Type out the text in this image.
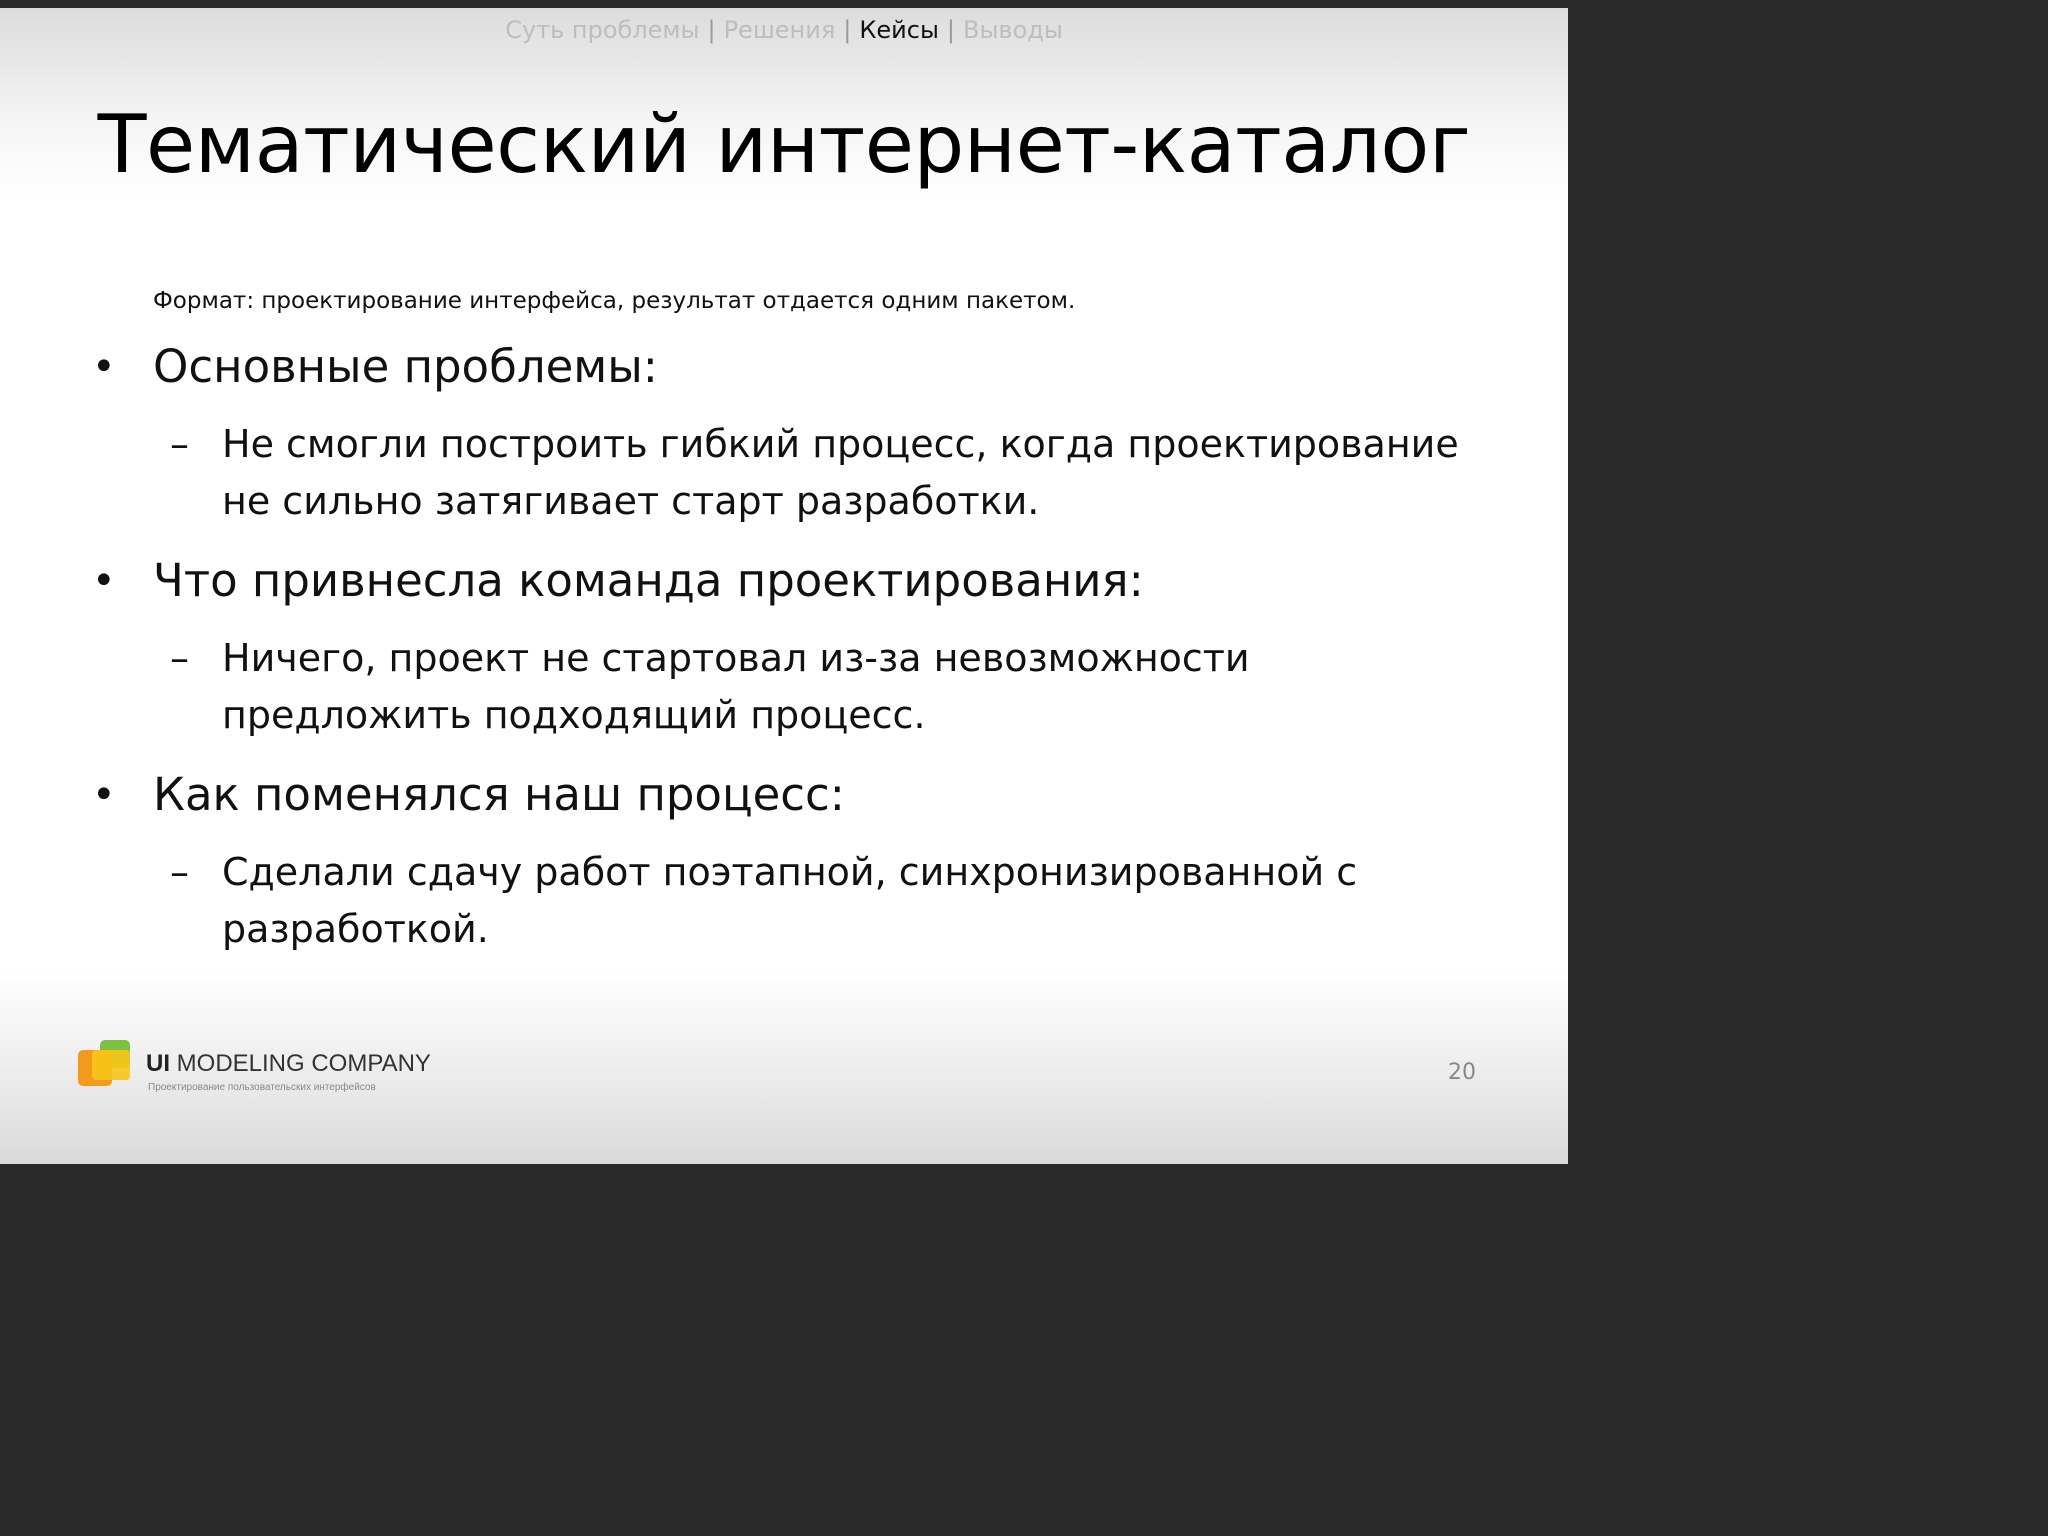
Суть проблемы | Решения | Кейсы | Выводы
Тематический интернет-каталог
Формат: проектирование интерфейса, результат отдается одним пакетом.
• Основные проблемы:
– Не смогли построить гибкий процесс, когда проектирование не сильно затягивает старт разработки.
• Что привнесла команда проектирования:
– Ничего, проект не стартовал из-за невозможности предложить подходящий процесс.
• Как поменялся наш процесс:
– Сделали сдачу работ поэтапной, синхронизированной с разработкой.
UI MODELING COMPANY
Проектирование пользовательских интерфейсов
20
